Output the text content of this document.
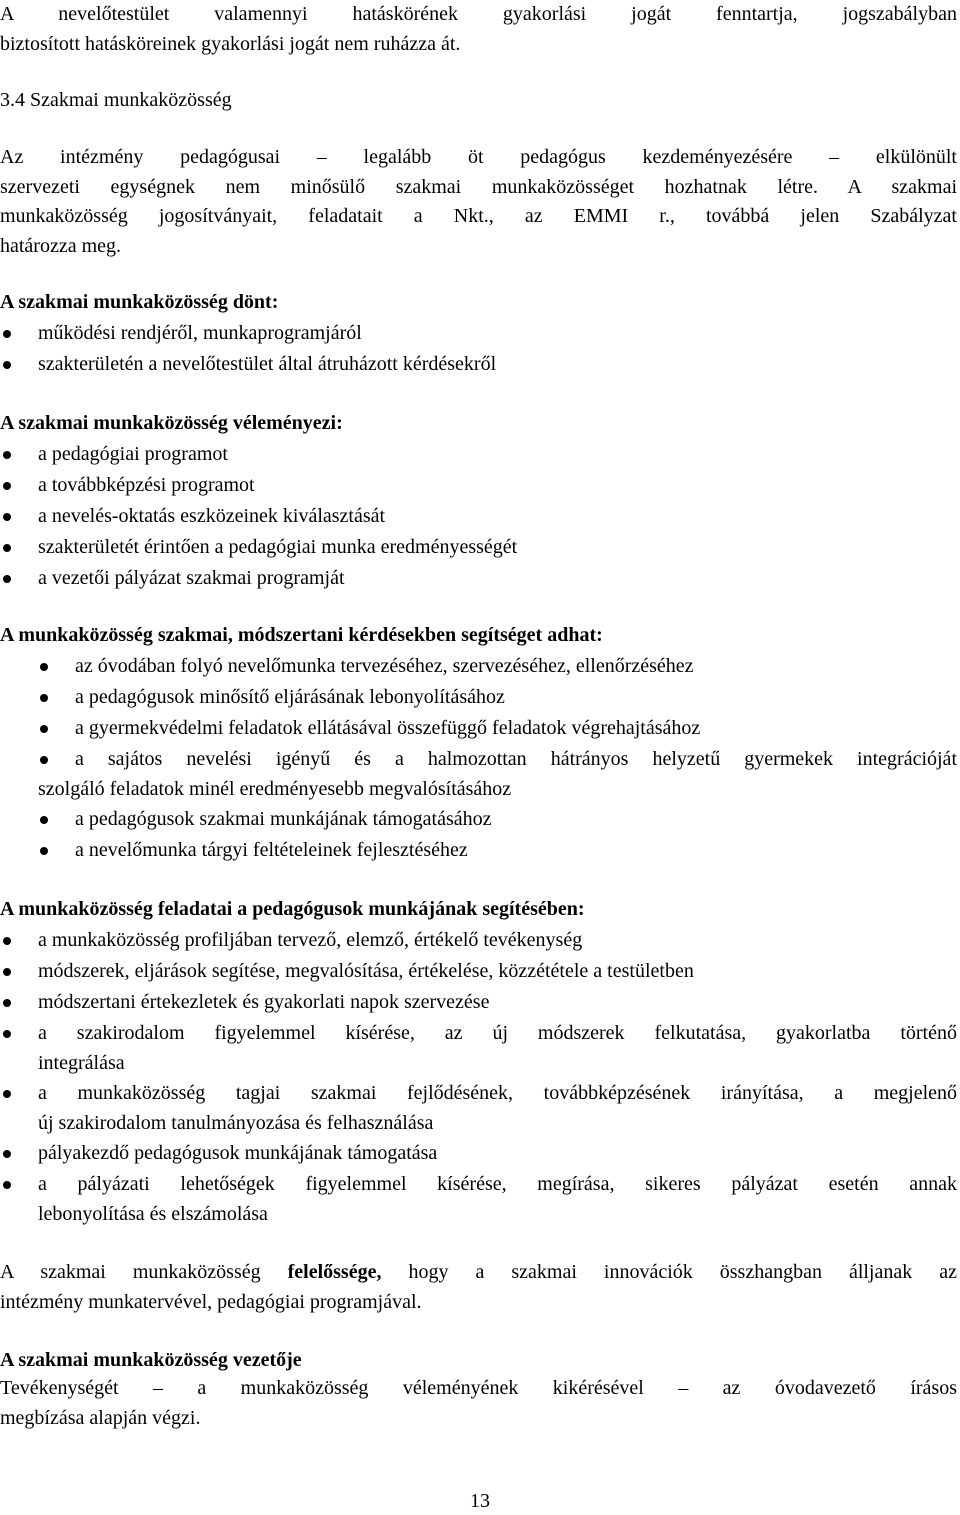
A nevelőtestület valamennyi hatáskörének gyakorlási jogát fenntartja, jogszabályban
biztosított hatásköreinek gyakorlási jogát nem ruházza át.
3.4 Szakmai munkaközösség
Az intézmény pedagógusai – legalább öt pedagógus kezdeményezésére – elkülönült
szervezeti egységnek nem minősülő szakmai munkaközösséget hozhatnak létre. A szakmai
munkaközösség jogosítványait, feladatait a Nkt., az EMMI r., továbbá jelen Szabályzat
határozza meg.
A szakmai munkaközösség dönt:
működési rendjéről, munkaprogramjáról
szakterületén a nevelőtestület által átruházott kérdésekről
A szakmai munkaközösség véleményezi:
a pedagógiai programot
a továbbképzési programot
a nevelés-oktatás eszközeinek kiválasztását
szakterületét érintően a pedagógiai munka eredményességét
a vezetői pályázat szakmai programját
A munkaközösség szakmai, módszertani kérdésekben segítséget adhat:
az óvodában folyó nevelőmunka tervezéséhez, szervezéséhez, ellenőrzéséhez
a pedagógusok minősítő eljárásának lebonyolításához
a gyermekvédelmi feladatok ellátásával összefüggő feladatok végrehajtásához
a sajátos nevelési igényű és a halmozottan hátrányos helyzetű gyermekek integrációját
szolgáló feladatok minél eredményesebb megvalósításához
a pedagógusok szakmai munkájának támogatásához
a nevelőmunka tárgyi feltételeinek fejlesztéséhez
A munkaközösség feladatai a pedagógusok munkájának segítésében:
a munkaközösség profiljában tervező, elemző, értékelő tevékenység
módszerek, eljárások segítése, megvalósítása, értékelése, közzététele a testületben
módszertani értekezletek és gyakorlati napok szervezése
a szakirodalom figyelemmel kísérése, az új módszerek felkutatása, gyakorlatba történő
integrálása
a munkaközösség tagjai szakmai fejlődésének, továbbképzésének irányítása, a megjelenő
új szakirodalom tanulmányozása és felhasználása
pályakezdő pedagógusok munkájának támogatása
a pályázati lehetőségek figyelemmel kísérése, megírása, sikeres pályázat esetén annak
lebonyolítása és elszámolása
A szakmai munkaközösség felelőssége, hogy a szakmai innovációk összhangban álljanak az
intézmény munkatervével, pedagógiai programjával.
A szakmai munkaközösség vezetője
Tevékenységét – a munkaközösség véleményének kikérésével – az óvodavezető írásos
megbízása alapján végzi.
13
